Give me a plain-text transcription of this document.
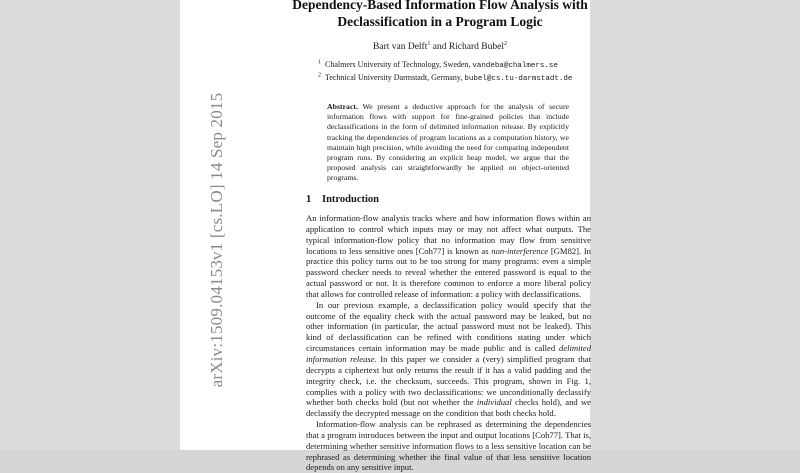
arXiv:1509.04153v1 [cs.LO] 14 Sep 2015
Dependency-Based Information Flow Analysis with Declassification in a Program Logic
Bart van Delft$^1$ and Richard Bubel$^2$
$^1$ Chalmers University of Technology, Sweden, vandeba@chalmers.se
$^2$ Technical University Darmstadt, Germany, bubel@cs.tu-darmstadt.de
Abstract. We present a deductive approach for the analysis of secure information flows with support for fine-grained policies that include declassifications in the form of delimited information release. By explicitly tracking the dependencies of program locations as a computation history, we maintain high precision, while avoiding the need for comparing independent program runs. By considering an explicit heap model, we argue that the proposed analysis can straightforwardly be applied on object-oriented programs.
1 Introduction

An information-flow analysis tracks where and how information flows within an application to control which inputs may or may not affect what outputs. The typical information-flow policy that no information may flow from sensitive locations to less sensitive ones [Coh77] is known as non-interference [GM82]. In practice this policy turns out to be too strong for many programs: even a simple password checker needs to reveal whether the entered password is equal to the actual password or not. It is therefore common to enforce a more liberal policy that allows for controlled release of information: a policy with declassifications.

In our previous example, a declassification policy would specify that the outcome of the equality check with the actual password may be leaked, but no other information (in particular, the actual password must not be leaked). This kind of declassification can be refined with conditions stating under which circumstances certain information may be made public and is called delimited information release. In this paper we consider a (very) simplified program that decrypts a ciphertext but only returns the result if it has a valid padding and the integrity check, i.e. the checksum, succeeds. This program, shown in Fig. 1, complies with a policy with two declassifications: we unconditionally declassify whether both checks hold (but not whether the individual checks hold), and we declassify the decrypted message on the condition that both checks hold.

Information-flow analysis can be rephrased as determining the dependencies that a program introduces between the input and output locations [Coh77]. That is, determining whether sensitive information flows to a less sensitive location can be rephrased as determining whether the final value of that less sensitive location depends on any sensitive input.
